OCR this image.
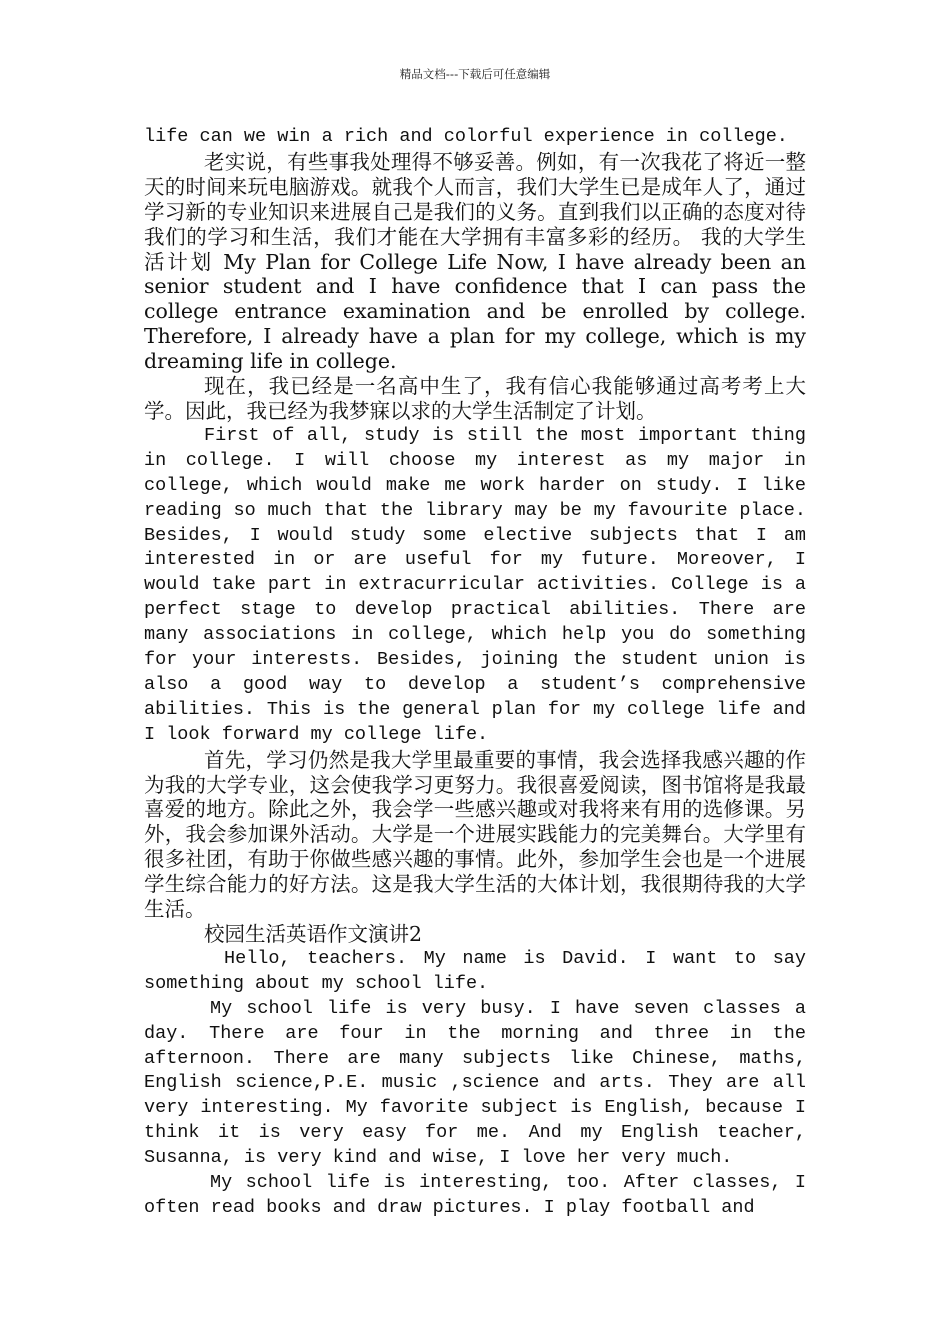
精品文档---下载后可任意编辑

life can we win a rich and colorful experience in college.

老实说，有些事我处理得不够妥善。例如，有一次我花了将近一整天的时间来玩电脑游戏。就我个人而言，我们大学生已是成年人了，通过学习新的专业知识来进展自己是我们的义务。直到我们以正确的态度对待我们的学习和生活，我们才能在大学拥有丰富多彩的经历。 我的大学生活计划 My Plan for College Life Now, I have already been an senior student and I have confidence that I can pass the college entrance examination and be enrolled by college. Therefore, I already have a plan for my college, which is my dreaming life in college.

现在，我已经是一名高中生了，我有信心我能够通过高考考上大学。因此，我已经为我梦寐以求的大学生活制定了计划。

First of all, study is still the most important thing in college. I will choose my interest as my major in college, which would make me work harder on study. I like reading so much that the library may be my favourite place. Besides, I would study some elective subjects that I am interested in or are useful for my future. Moreover, I would take part in extracurricular activities. College is a perfect stage to develop practical abilities. There are many associations in college, which help you do something for your interests. Besides, joining the student union is also a good way to develop a student’s comprehensive abilities. This is the general plan for my college life and I look forward my college life.

首先，学习仍然是我大学里最重要的事情，我会选择我感兴趣的作为我的大学专业，这会使我学习更努力。我很喜爱阅读，图书馆将是我最喜爱的地方。除此之外，我会学一些感兴趣或对我将来有用的选修课。另外，我会参加课外活动。大学是一个进展实践能力的完美舞台。大学里有很多社团，有助于你做些感兴趣的事情。此外，参加学生会也是一个进展学生综合能力的好方法。这是我大学生活的大体计划，我很期待我的大学生活。

校园生活英语作文演讲2

Hello, teachers. My name is David. I want to say something about my school life.

My school life is very busy. I have seven classes a day. There are four in the morning and three in the afternoon. There are many subjects like Chinese, maths, English science,P.E. music ,science and arts. They are all very interesting. My favorite subject is English, because I think it is very easy for me. And my English teacher, Susanna, is very kind and wise, I love her very much.

My school life is interesting, too. After classes, I often read books and draw pictures. I play football and
